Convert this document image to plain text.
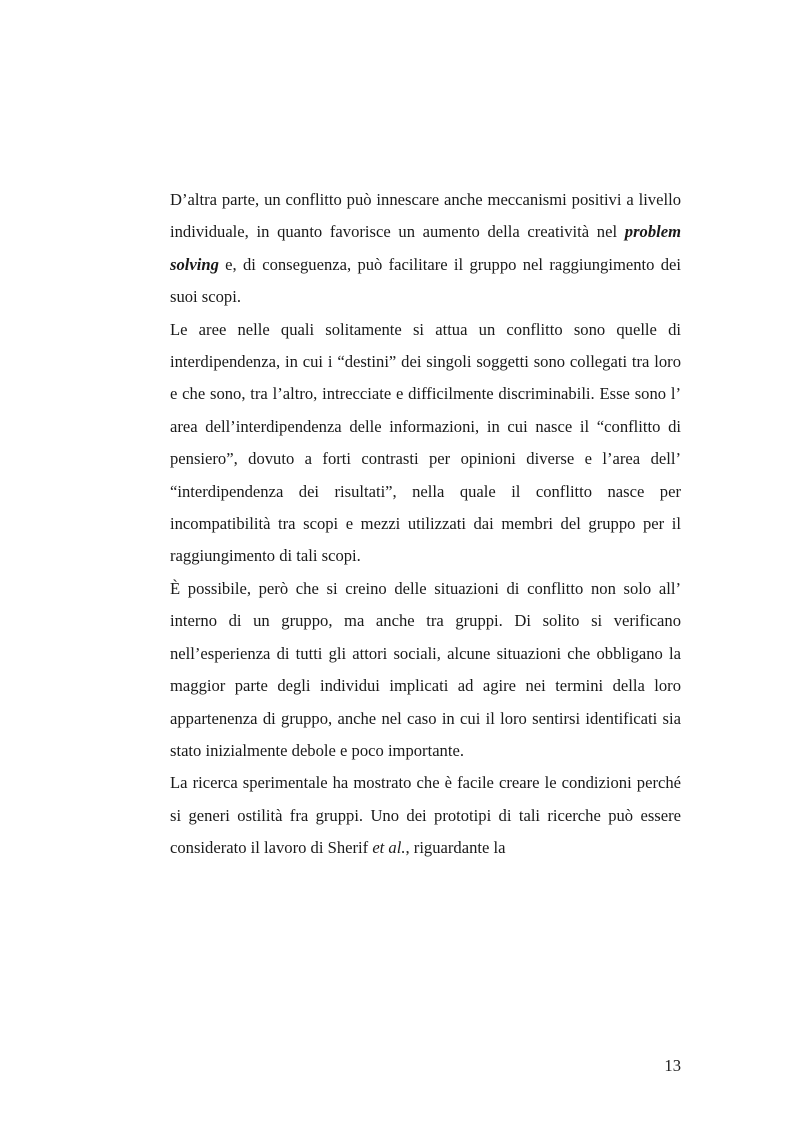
D’altra parte, un conflitto può innescare anche meccanismi positivi a livello individuale, in quanto favorisce un aumento della creatività nel problem solving e, di conseguenza, può facilitare il gruppo nel raggiungimento dei suoi scopi.

Le aree nelle quali solitamente si attua un conflitto sono quelle di interdipendenza, in cui i “destini” dei singoli soggetti sono collegati tra loro e che sono, tra l’altro, intrecciate e difficilmente discriminabili. Esse sono l’ area dell’interdipendenza delle informazioni, in cui nasce il “conflitto di pensiero”, dovuto a forti contrasti per opinioni diverse e l’area dell’ “interdipendenza dei risultati”, nella quale il conflitto nasce per incompatibilità tra scopi e mezzi utilizzati dai membri del gruppo per il raggiungimento di tali scopi.

È possibile, però che si creino delle situazioni di conflitto non solo all’ interno di un gruppo, ma anche tra gruppi. Di solito si verificano nell’esperienza di tutti gli attori sociali, alcune situazioni che obbligano la maggior parte degli individui implicati ad agire nei termini della loro appartenenza di gruppo, anche nel caso in cui il loro sentirsi identificati sia stato inizialmente debole e poco importante.

La ricerca sperimentale ha mostrato che è facile creare le condizioni perché si generi ostilità fra gruppi. Uno dei prototipi di tali ricerche può essere considerato il lavoro di Sherif et al., riguardante la

13
